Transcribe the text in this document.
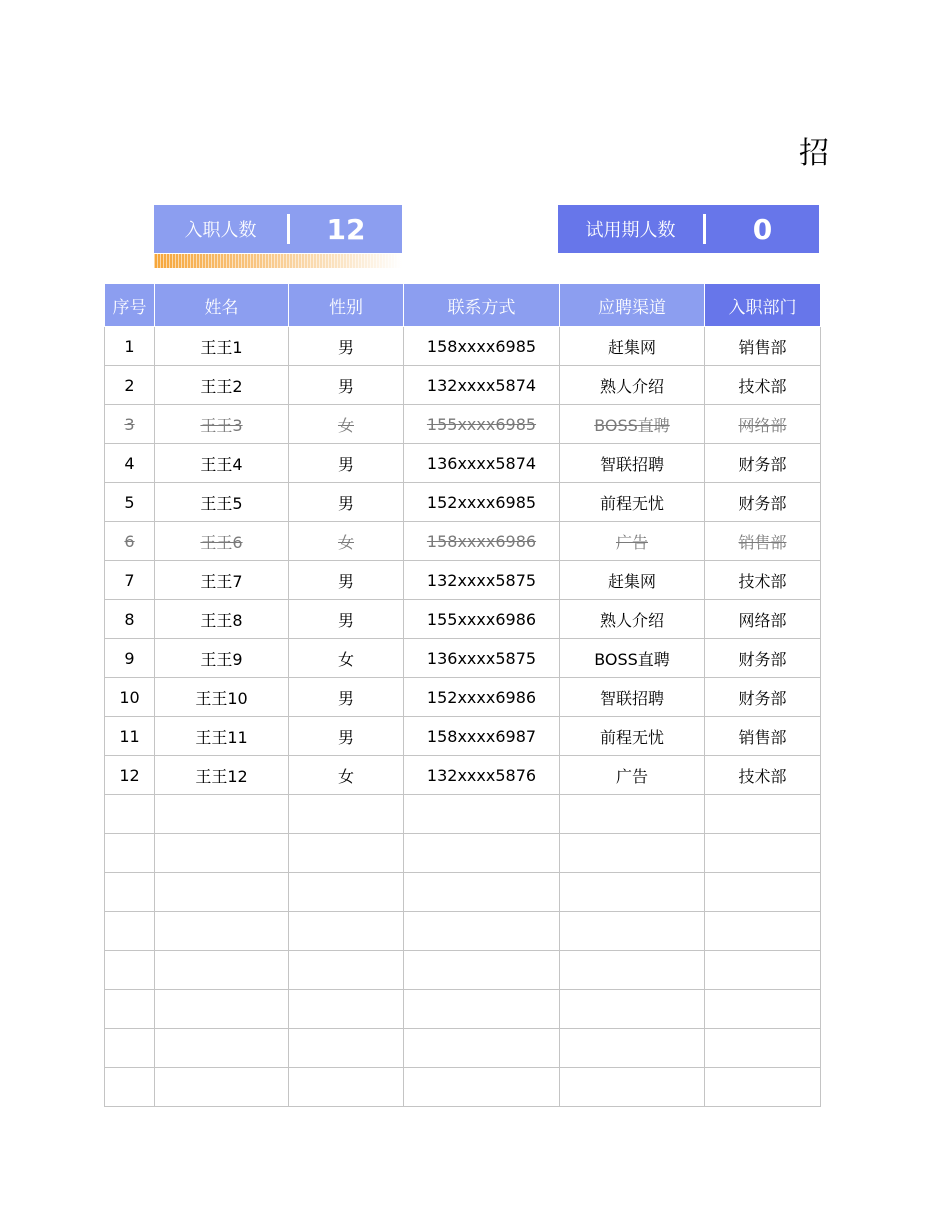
招
入职人数	12	试用期人数	0
序号	姓名	性别	联系方式	应聘渠道	入职部门
1	王王1	男	158xxxx6985	赶集网	销售部
2	王王2	男	132xxxx5874	熟人介绍	技术部
3	王王3	女	155xxxx6985	BOSS直聘	网络部
4	王王4	男	136xxxx5874	智联招聘	财务部
5	王王5	男	152xxxx6985	前程无忧	财务部
6	王王6	女	158xxxx6986	广告	销售部
7	王王7	男	132xxxx5875	赶集网	技术部
8	王王8	男	155xxxx6986	熟人介绍	网络部
9	王王9	女	136xxxx5875	BOSS直聘	财务部
10	王王10	男	152xxxx6986	智联招聘	财务部
11	王王11	男	158xxxx6987	前程无忧	销售部
12	王王12	女	132xxxx5876	广告	技术部
